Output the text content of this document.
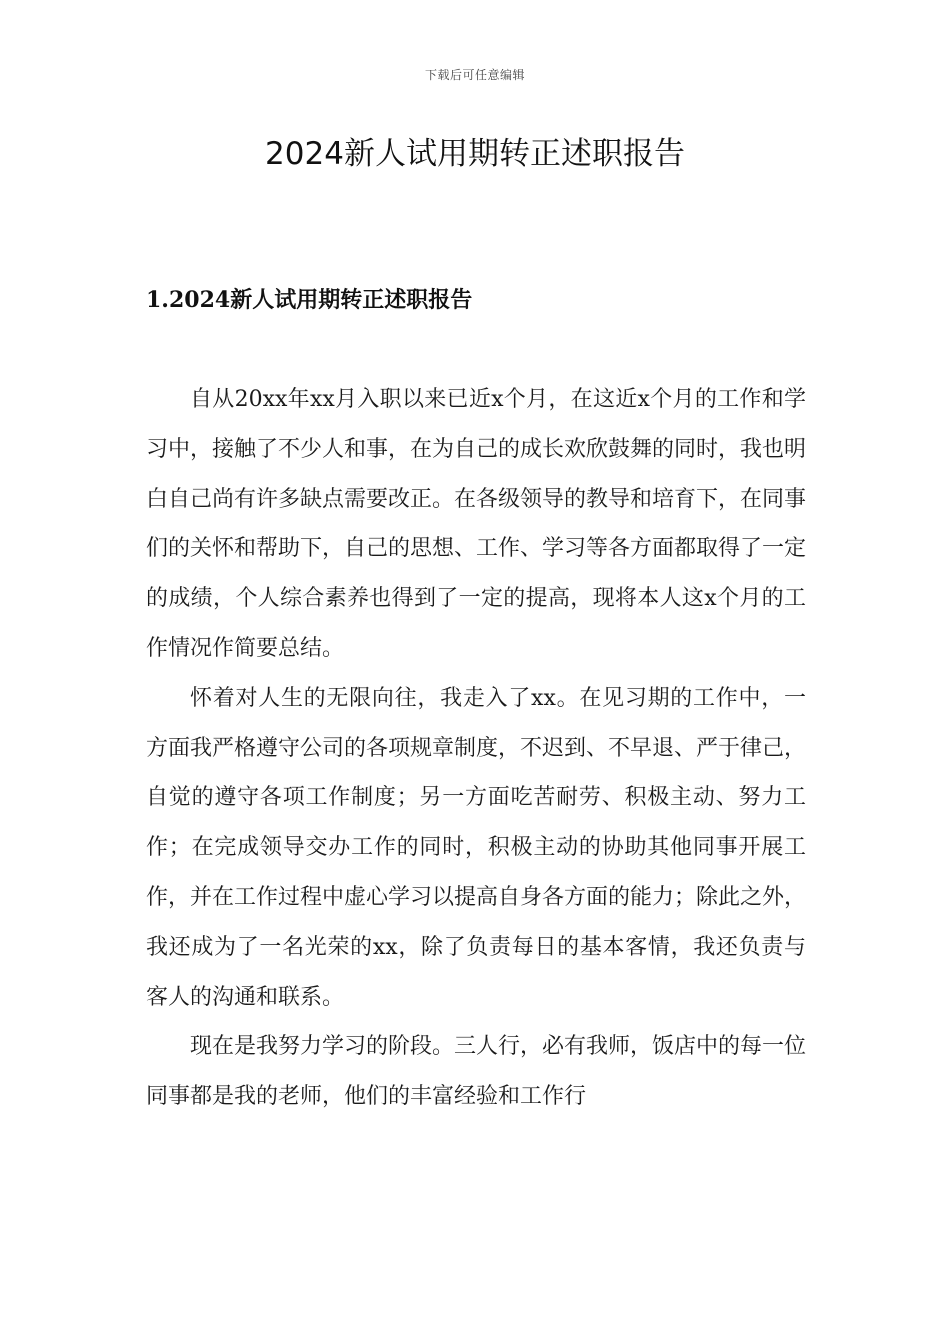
下载后可任意编辑
2024新人试用期转正述职报告
1.2024新人试用期转正述职报告

自从20xx年xx月入职以来已近x个月，在这近x个月的工作和学习中，接触了不少人和事，在为自己的成长欢欣鼓舞的同时，我也明白自己尚有许多缺点需要改正。在各级领导的教导和培育下，在同事们的关怀和帮助下，自己的思想、工作、学习等各方面都取得了一定的成绩，个人综合素养也得到了一定的提高，现将本人这x个月的工作情况作简要总结。

怀着对人生的无限向往，我走入了xx。在见习期的工作中，一方面我严格遵守公司的各项规章制度，不迟到、不早退、严于律己，自觉的遵守各项工作制度；另一方面吃苦耐劳、积极主动、努力工作；在完成领导交办工作的同时，积极主动的协助其他同事开展工作，并在工作过程中虚心学习以提高自身各方面的能力；除此之外，我还成为了一名光荣的xx，除了负责每日的基本客情，我还负责与客人的沟通和联系。

现在是我努力学习的阶段。三人行，必有我师，饭店中的每一位同事都是我的老师，他们的丰富经验和工作行
